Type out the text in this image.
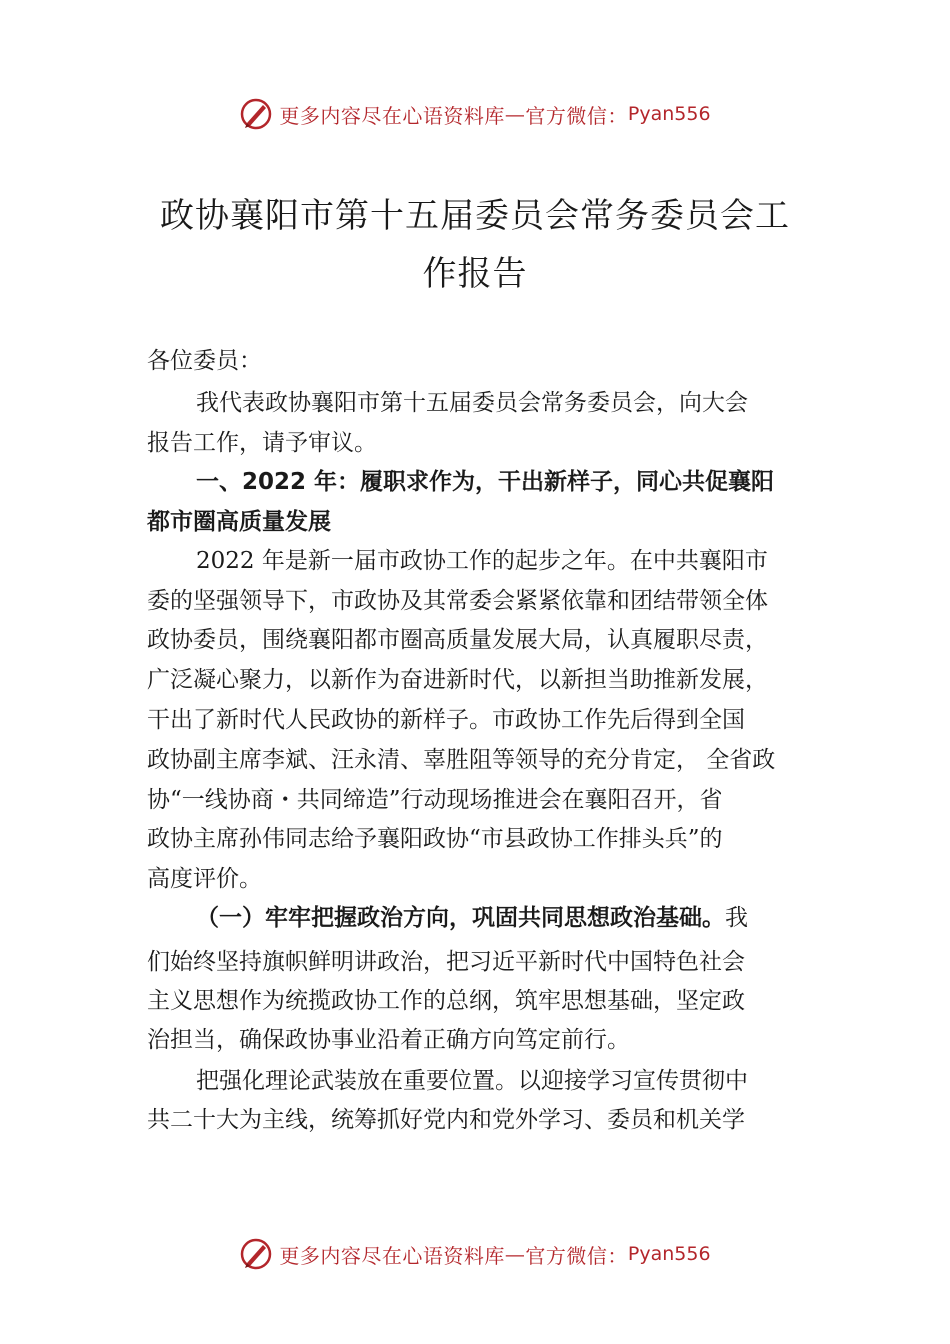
更多内容尽在心语资料库 — 官方微信： Pyan556
政协襄阳市第十五届委员会常务委员会工
作报告
各位委员：
我代表政协襄阳市第十五届委员会常务委员会，向大会
报告工作，请予审议。
一、2022 年：履职求作为，干出新样子，同心共促襄阳
都市圈高质量发展
2022 年是新一届市政协工作的起步之年。在中共襄阳市
委的坚强领导下，市政协及其常委会紧紧依靠和团结带领全体
政协委员，围绕襄阳都市圈高质量发展大局，认真履职尽责，
广泛凝心聚力，以新作为奋进新时代，以新担当助推新发展，
干出了新时代人民政协的新样子。市政协工作先后得到全国
政协副主席李斌、汪永清、辜胜阻等领导的充分肯定， 全省政
协“一线协商・共同缔造”行动现场推进会在襄阳召开，省
政协主席孙伟同志给予襄阳政协“市县政协工作排头兵”的
高度评价。
（一）牢牢把握政治方向，巩固共同思想政治基础。我
们始终坚持旗帜鲜明讲政治，把习近平新时代中国特色社会
主义思想作为统揽政协工作的总纲，筑牢思想基础，坚定政
治担当，确保政协事业沿着正确方向笃定前行。
把强化理论武装放在重要位置。以迎接学习宣传贯彻中
共二十大为主线，统筹抓好党内和党外学习、委员和机关学
更多内容尽在心语资料库 — 官方微信： Pyan556
